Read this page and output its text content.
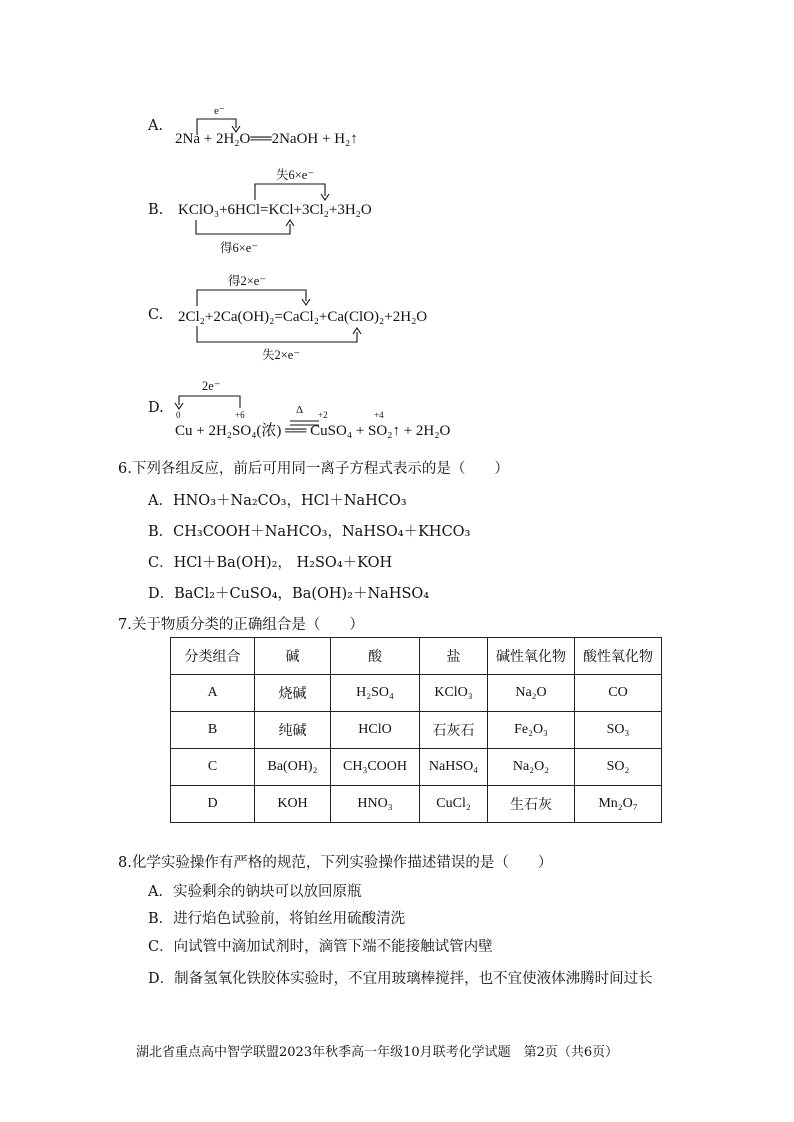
A.
e⁻
2Na + 2H₂O══2NaOH + H₂↑
B.
失6×e⁻
KClO₃+6HCl=KCl+3Cl₂+3H₂O
得6×e⁻
C.
得2×e⁻
2Cl₂+2Ca(OH)₂=CaCl₂+Ca(ClO)₂+2H₂O
失2×e⁻
D.
2e⁻
Δ
0	+6	+2	+4
Cu + 2H₂SO₄(浓) ══ CuSO₄ + SO₂↑ + 2H₂O
6.下列各组反应，前后可用同一离子方程式表示的是（　　）
A．HNO₃＋Na₂CO₃，HCl＋NaHCO₃
B．CH₃COOH＋NaHCO₃，NaHSO₄＋KHCO₃
C．HCl＋Ba(OH)₂， H₂SO₄＋KOH
D．BaCl₂＋CuSO₄，Ba(OH)₂＋NaHSO₄
7.关于物质分类的正确组合是（　　）
分类组合	碱	酸	盐	碱性氧化物	酸性氧化物
A	烧碱	H₂SO₄	KClO₃	Na₂O	CO
B	纯碱	HClO	石灰石	Fe₂O₃	SO₃
C	Ba(OH)₂	CH₃COOH	NaHSO₄	Na₂O₂	SO₂
D	KOH	HNO₃	CuCl₂	生石灰	Mn₂O₇
8.化学实验操作有严格的规范，下列实验操作描述错误的是（　　）
A．实验剩余的钠块可以放回原瓶
B．进行焰色试验前，将铂丝用硫酸清洗
C．向试管中滴加试剂时，滴管下端不能接触试管内壁
D．制备氢氧化铁胶体实验时，不宜用玻璃棒搅拌，也不宜使液体沸腾时间过长
湖北省重点高中智学联盟2023年秋季高一年级10月联考化学试题　第2页（共6页）
